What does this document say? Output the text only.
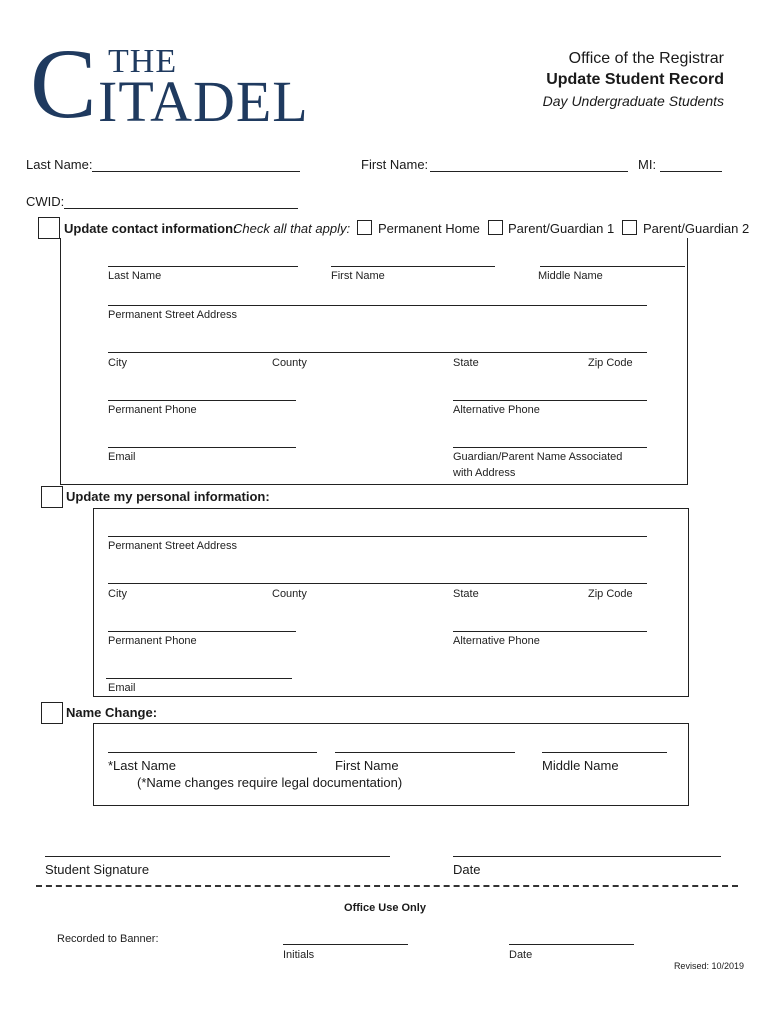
C THE
ITADEL
Office of the Registrar
Update Student Record
Day Undergraduate Students
Last Name:	First Name:	MI:
CWID:
Update contact information:
Check all that apply: Permanent Home Parent/Guardian 1 Parent/Guardian 2
Last Name	First Name	Middle Name
Permanent Street Address
City	County	State	Zip Code
Permanent Phone	Alternative Phone
Email	Guardian/Parent Name Associated
with Address
Update my personal information:
Permanent Street Address
City	County	State	Zip Code
Permanent Phone	Alternative Phone
Email
Name Change:
*Last Name	First Name	Middle Name
(*Name changes require legal documentation)
Student Signature	Date
Office Use Only
Recorded to Banner:
Initials	Date
Revised: 10/2019
